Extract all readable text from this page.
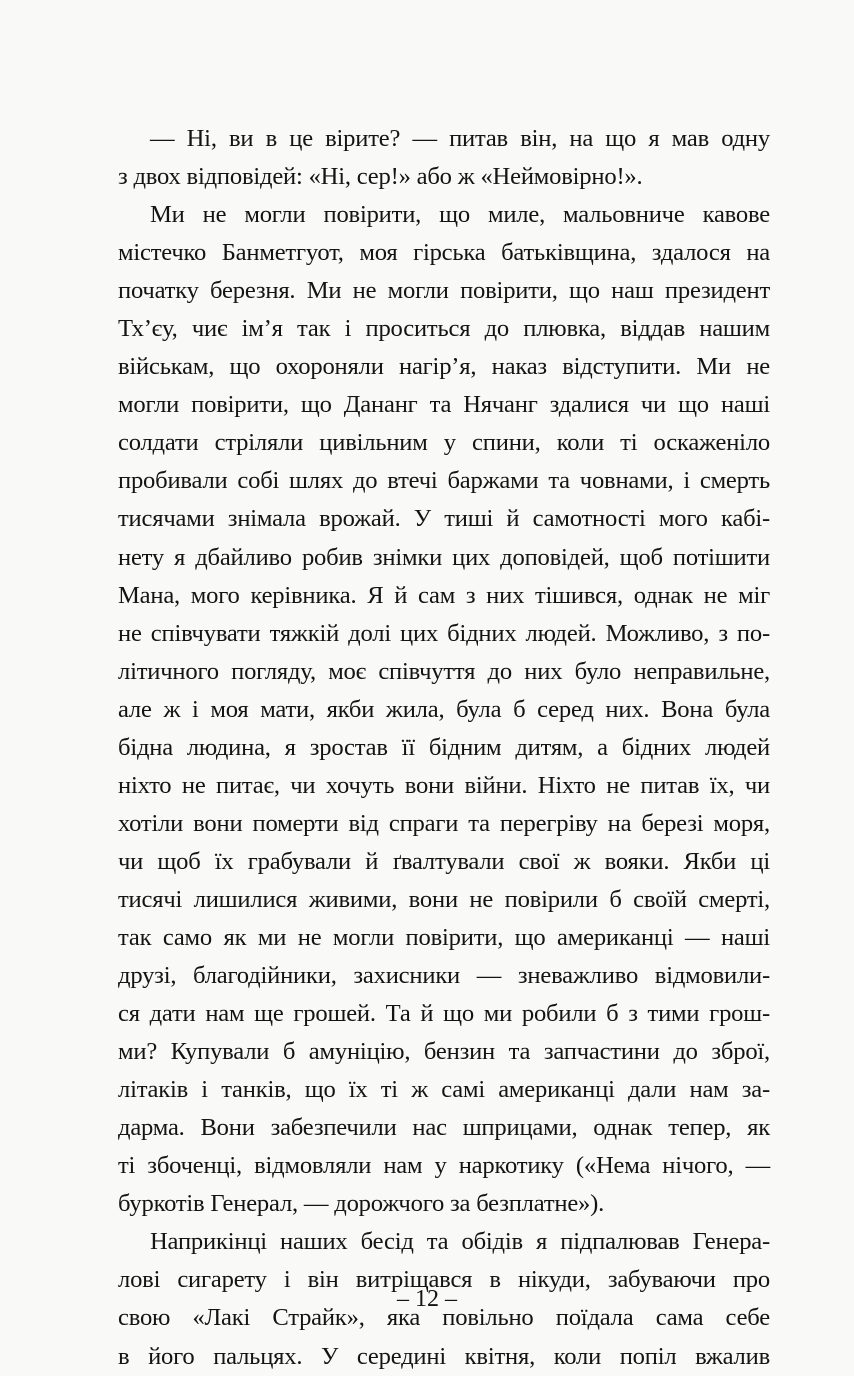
— Ні, ви в це вірите? — питав він, на що я мав одну
з двох відповідей: «Ні, сер!» або ж «Неймовірно!».
Ми не могли повірити, що миле, мальовниче кавове
містечко Банметгуот, моя гірська батьківщина, здалося на
початку березня. Ми не могли повірити, що наш президент
Тх’єу, чиє ім’я так і проситься до плювка, віддав нашим
військам, що охороняли нагір’я, наказ відступити. Ми не
могли повірити, що Дананг та Нячанг здалися чи що наші
солдати стріляли цивільним у спини, коли ті оскаженіло
пробивали собі шлях до втечі баржами та човнами, і смерть
тисячами знімала врожай. У тиші й самотності мого кабі-
нету я дбайливо робив знімки цих доповідей, щоб потішити
Мана, мого керівника. Я й сам з них тішився, однак не міг
не співчувати тяжкій долі цих бідних людей. Можливо, з по-
літичного погляду, моє співчуття до них було неправильне,
але ж і моя мати, якби жила, була б серед них. Вона була
бідна людина, я зростав її бідним дитям, а бідних людей
ніхто не питає, чи хочуть вони війни. Ніхто не питав їх, чи
хотіли вони померти від спраги та перегріву на березі моря,
чи щоб їх грабували й ґвалтували свої ж вояки. Якби ці
тисячі лишилися живими, вони не повірили б своїй смерті,
так само як ми не могли повірити, що американці — наші
друзі, благодійники, захисники — зневажливо відмовили-
ся дати нам ще грошей. Та й що ми робили б з тими грош-
ми? Купували б амуніцію, бензин та запчастини до зброї,
літаків і танків, що їх ті ж самі американці дали нам за-
дарма. Вони забезпечили нас шприцами, однак тепер, як
ті збоченці, відмовляли нам у наркотику («Нема нічого, —
буркотів Генерал, — дорожчого за безплатне»).
Наприкінці наших бесід та обідів я підпалював Генера-
лові сигарету і він витріщався в нікуди, забуваючи про
свою «Лакі Страйк», яка повільно поїдала сама себе
в його пальцях. У середині квітня, коли попіл вжалив
– 12 –
